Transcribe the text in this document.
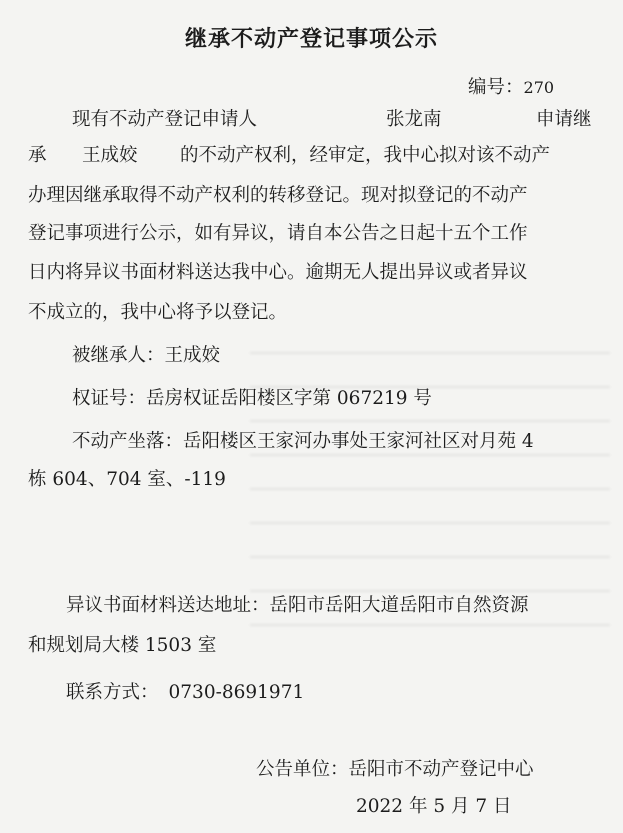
继承不动产登记事项公示
编号：270
现有不动产登记申请人	张龙南	申请继
承 王成姣 的不动产权利，经审定，我中心拟对该不动产
办理因继承取得不动产权利的转移登记。现对拟登记的不动产
登记事项进行公示，如有异议，请自本公告之日起十五个工作
日内将异议书面材料送达我中心。逾期无人提出异议或者异议
不成立的，我中心将予以登记。
被继承人：王成姣
权证号：岳房权证岳阳楼区字第 067219 号
不动产坐落：岳阳楼区王家河办事处王家河社区对月苑 4
栋 604、704 室、-119
异议书面材料送达地址：岳阳市岳阳大道岳阳市自然资源
和规划局大楼 1503 室
联系方式： 0730-8691971
公告单位：岳阳市不动产登记中心
2022 年 5 月 7 日
